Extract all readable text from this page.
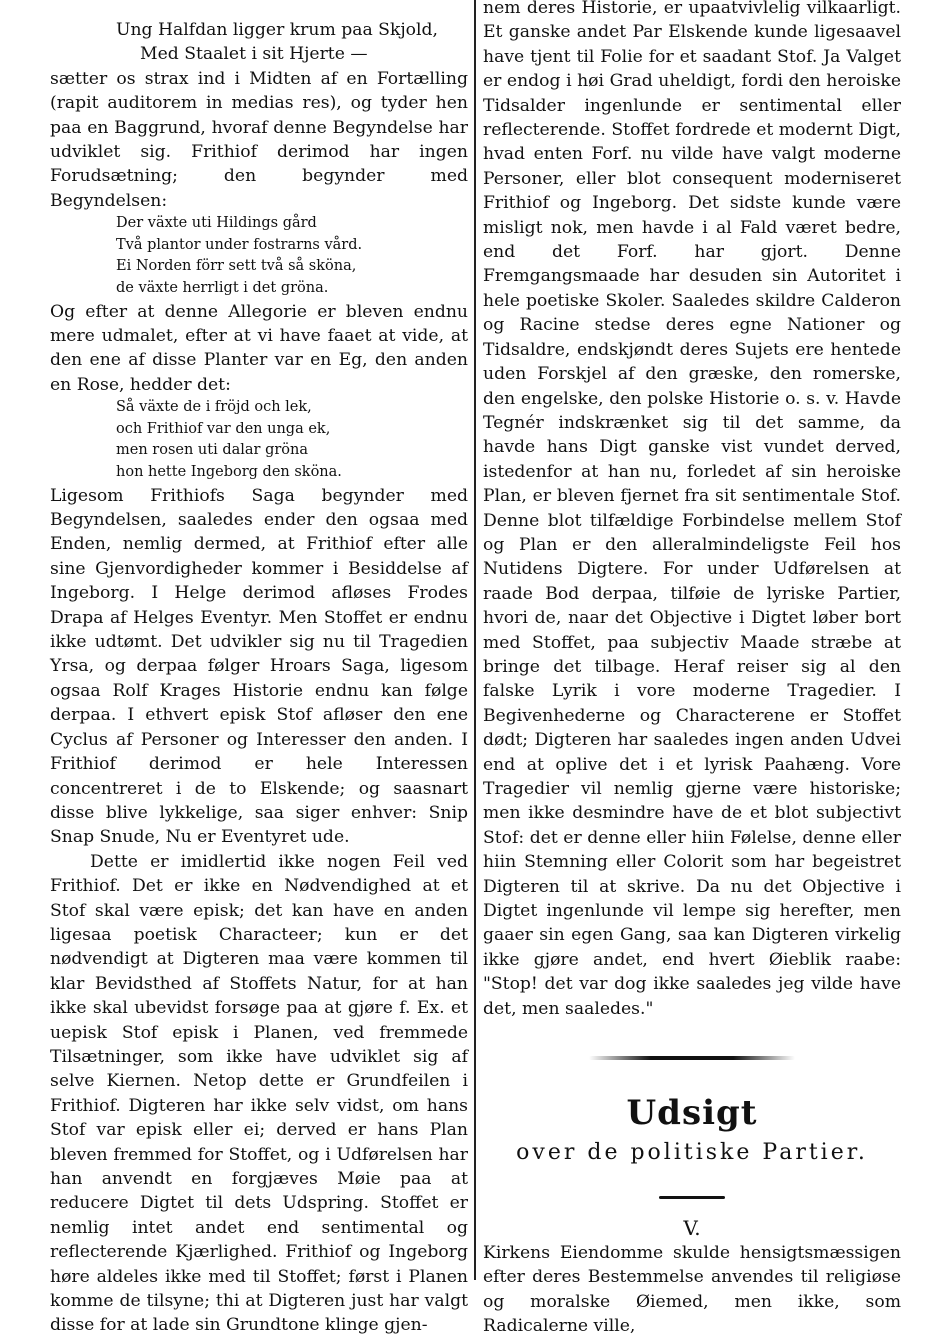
Ung Halfdan ligger krum paa Skjold,
Med Staalet i sit Hjerte —

sætter os strax ind i Midten af en Fortælling (rapit auditorem in medias res), og tyder hen paa en Baggrund, hvoraf denne Begyndelse har udviklet sig. Frithiof derimod har ingen Forudsætning; den begynder med Begyndelsen:

Der växte uti Hildings gård
Två plantor under fostrarns vård.
Ei Norden förr sett två så sköna,
de växte herrligt i det gröna.

Og efter at denne Allegorie er bleven endnu mere udmalet, efter at vi have faaet at vide, at den ene af disse Planter var en Eg, den anden en Rose, hedder det:

Så växte de i fröjd och lek,
och Frithiof var den unga ek,
men rosen uti dalar gröna
hon hette Ingeborg den sköna.

Ligesom Frithiofs Saga begynder med Begyndelsen, saaledes ender den ogsaa med Enden, nemlig dermed, at Frithiof efter alle sine Gjenvordigheder kommer i Besiddelse af Ingeborg. I Helge derimod afløses Frodes Drapa af Helges Eventyr. Men Stoffet er endnu ikke udtømt. Det udvikler sig nu til Tragedien Yrsa, og derpaa følger Hroars Saga, ligesom ogsaa Rolf Krages Historie endnu kan følge derpaa. I ethvert episk Stof afløser den ene Cyclus af Personer og Interesser den anden. I Frithiof derimod er hele Interessen concentreret i de to Elskende; og saasnart disse blive lykkelige, saa siger enhver: Snip Snap Snude, Nu er Eventyret ude.

Dette er imidlertid ikke nogen Feil ved Frithiof. Det er ikke en Nødvendighed at et Stof skal være episk; det kan have en anden ligesaa poetisk Characteer; kun er det nødvendigt at Digteren maa være kommen til klar Bevidsthed af Stoffets Natur, for at han ikke skal ubevidst forsøge paa at gjøre f. Ex. et uepisk Stof episk i Planen, ved fremmede Tilsætninger, som ikke have udviklet sig af selve Kiernen. Netop dette er Grundfeilen i Frithiof. Digteren har ikke selv vidst, om hans Stof var episk eller ei; derved er hans Plan bleven fremmed for Stoffet, og i Udførelsen har han anvendt en forgjæves Møie paa at reducere Digtet til dets Udspring. Stoffet er nemlig intet andet end sentimental og reflecterende Kjærlighed. Frithiof og Ingeborg høre aldeles ikke med til Stoffet; først i Planen komme de tilsyne; thi at Digteren just har valgt disse for at lade sin Grundtone klinge gjen-

nem deres Historie, er upaatvivlelig vilkaarligt. Et ganske andet Par Elskende kunde ligesaavel have tjent til Folie for et saadant Stof. Ja Valget er endog i høi Grad uheldigt, fordi den heroiske Tidsalder ingenlunde er sentimental eller reflecterende. Stoffet fordrede et modernt Digt, hvad enten Forf. nu vilde have valgt moderne Personer, eller blot consequent moderniseret Frithiof og Ingeborg. Det sidste kunde være misligt nok, men havde i al Fald været bedre, end det Forf. har gjort. Denne Fremgangsmaade har desuden sin Autoritet i hele poetiske Skoler. Saaledes skildre Calderon og Racine stedse deres egne Nationer og Tidsaldre, endskjøndt deres Sujets ere hentede uden Forskjel af den græske, den romerske, den engelske, den polske Historie o. s. v. Havde Tegnér indskrænket sig til det samme, da havde hans Digt ganske vist vundet derved, istedenfor at han nu, forledet af sin heroiske Plan, er bleven fjernet fra sit sentimentale Stof. Denne blot tilfældige Forbindelse mellem Stof og Plan er den alleralmindeligste Feil hos Nutidens Digtere. For under Udførelsen at raade Bod derpaa, tilføie de lyriske Partier, hvori de, naar det Objective i Digtet løber bort med Stoffet, paa subjectiv Maade stræbe at bringe det tilbage. Heraf reiser sig al den falske Lyrik i vore moderne Tragedier. I Begivenhederne og Characterene er Stoffet dødt; Digteren har saaledes ingen anden Udvei end at oplive det i et lyrisk Paahæng. Vore Tragedier vil nemlig gjerne være historiske; men ikke desmindre have de et blot subjectivt Stof: det er denne eller hiin Følelse, denne eller hiin Stemning eller Colorit som har begeistret Digteren til at skrive. Da nu det Objective i Digtet ingenlunde vil lempe sig herefter, men gaaer sin egen Gang, saa kan Digteren virkelig ikke gjøre andet, end hvert Øieblik raabe: "Stop! det var dog ikke saaledes jeg vilde have det, men saaledes."

Udsigt
over de politiske Partier.
V.

Kirkens Eiendomme skulde hensigtsmæssigen efter deres Bestemmelse anvendes til religiøse og moralske Øiemed, men ikke, som Radicalerne ville,
